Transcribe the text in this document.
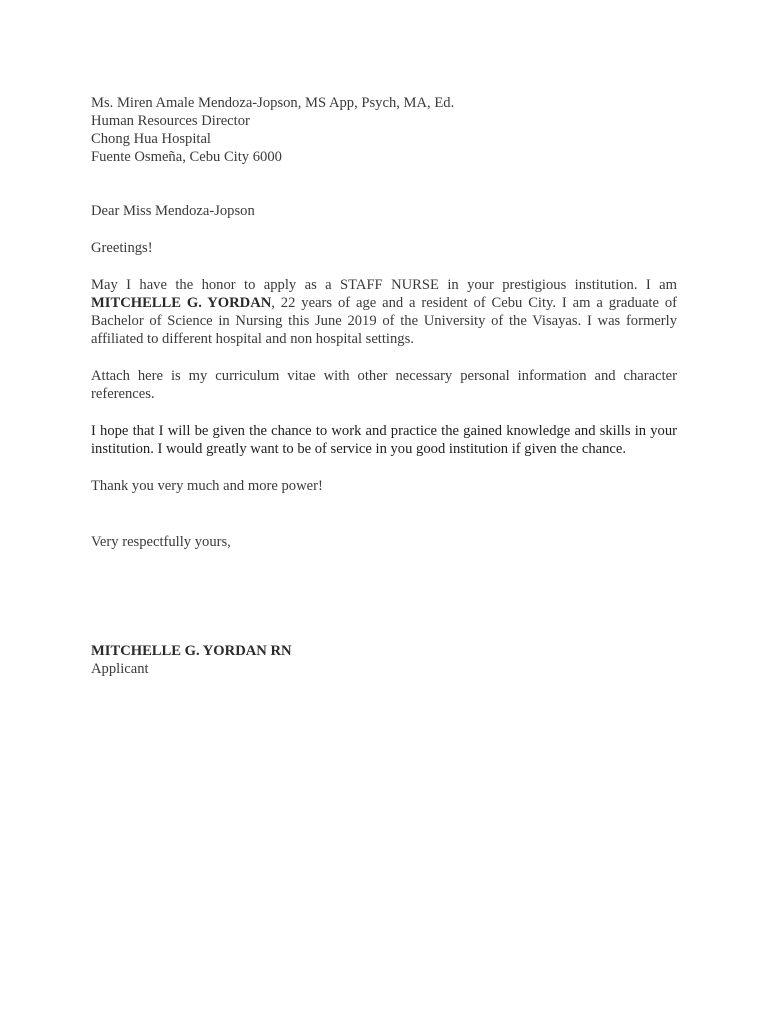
Ms. Miren Amale Mendoza-Jopson, MS App, Psych, MA, Ed.
Human Resources Director
Chong Hua Hospital
Fuente Osmeña, Cebu City 6000

Dear Miss Mendoza-Jopson

Greetings!

May I have the honor to apply as a STAFF NURSE in your prestigious institution. I am MITCHELLE G. YORDAN, 22 years of age and a resident of Cebu City. I am a graduate of Bachelor of Science in Nursing this June 2019 of the University of the Visayas. I was formerly affiliated to different hospital and non hospital settings.

Attach here is my curriculum vitae with other necessary personal information and character references.

I hope that I will be given the chance to work and practice the gained knowledge and skills in your institution. I would greatly want to be of service in you good institution if given the chance.

Thank you very much and more power!

Very respectfully yours,

MITCHELLE G. YORDAN RN
Applicant
